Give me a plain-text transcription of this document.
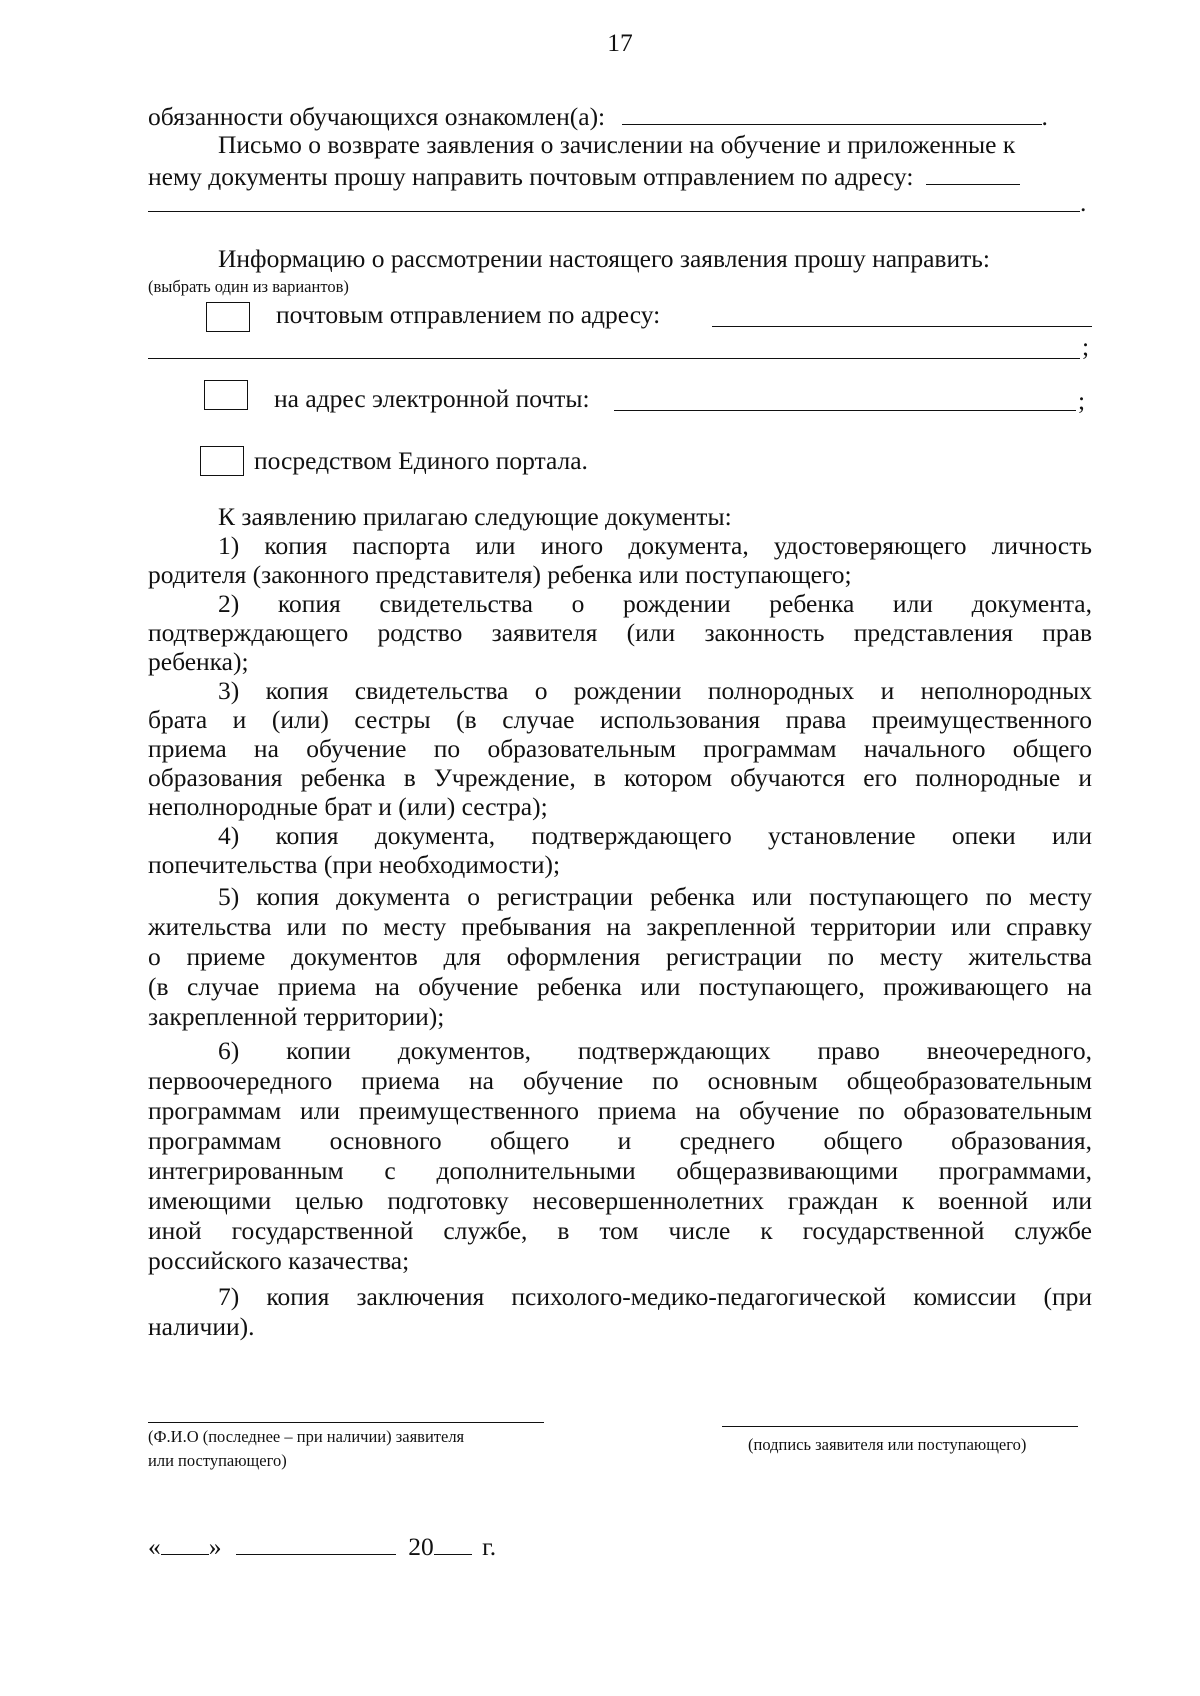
17
обязанности обучающихся ознакомлен(а):	.
Письмо о возврате заявления о зачислении на обучение и приложенные к
нему документы прошу направить почтовым отправлением по адресу:
.
Информацию о рассмотрении настоящего заявления прошу направить:
(выбрать один из вариантов)
почтовым отправлением по адресу:
;
на адрес электронной почты:	;
посредством Единого портала.
К заявлению прилагаю следующие документы:
1) копия паспорта или иного документа, удостоверяющего личность
родителя (законного представителя) ребенка или поступающего;
2) копия свидетельства о рождении ребенка или документа,
подтверждающего родство заявителя (или законность представления прав
ребенка);
3) копия свидетельства о рождении полнородных и неполнородных
брата и (или) сестры (в случае использования права преимущественного
приема на обучение по образовательным программам начального общего
образования ребенка в Учреждение, в котором обучаются его полнородные и
неполнородные брат и (или) сестра);
4) копия документа, подтверждающего установление опеки или
попечительства (при необходимости);
5) копия документа о регистрации ребенка или поступающего по месту
жительства или по месту пребывания на закрепленной территории или справку
о приеме документов для оформления регистрации по месту жительства
(в случае приема на обучение ребенка или поступающего, проживающего на
закрепленной территории);
6) копии документов, подтверждающих право внеочередного,
первоочередного приема на обучение по основным общеобразовательным
программам или преимущественного приема на обучение по образовательным
программам основного общего и среднего общего образования,
интегрированным с дополнительными общеразвивающими программами,
имеющими целью подготовку несовершеннолетних граждан к военной или
иной государственной службе, в том числе к государственной службе
российского казачества;
7) копия заключения психолого-медико-педагогической комиссии (при
наличии).
(Ф.И.О (последнее – при наличии) заявителя
или поступающего)
(подпись заявителя или поступающего)
« »	20 г.
